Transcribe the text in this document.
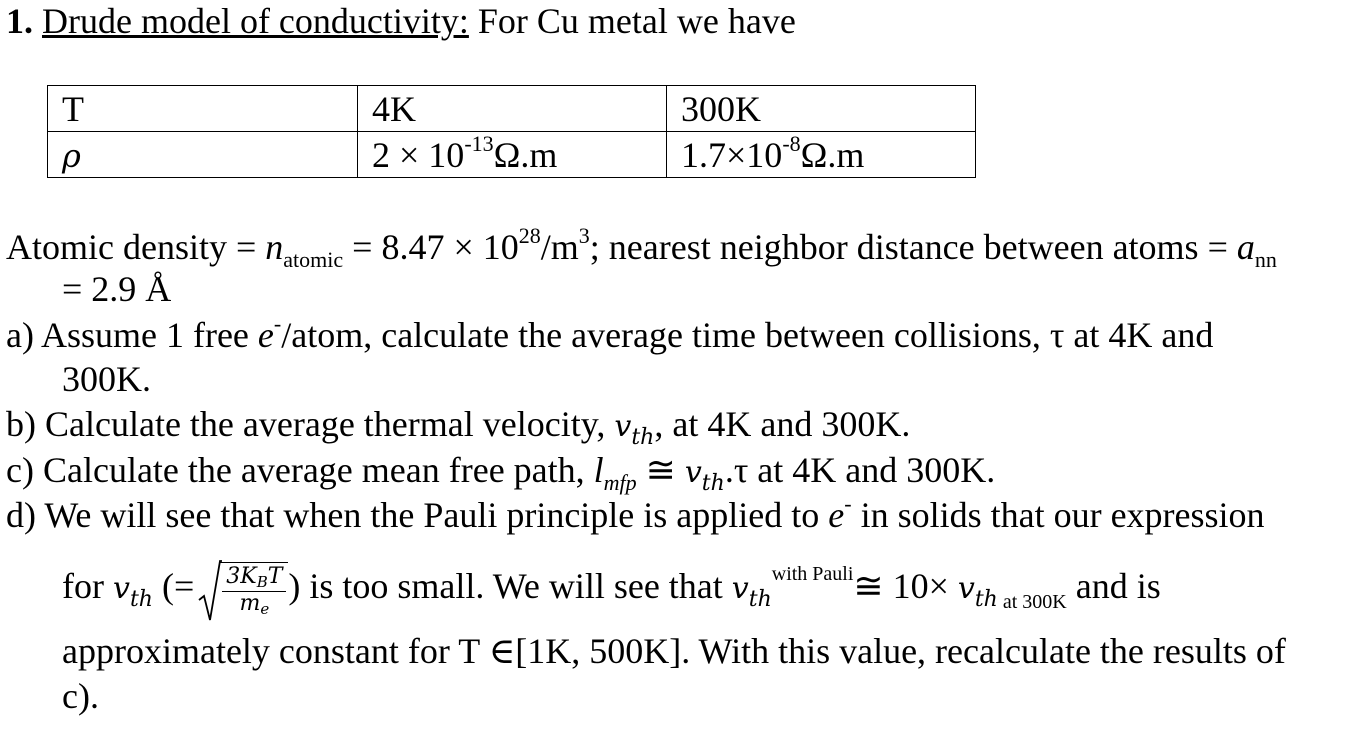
1. Drude model of conductivity: For Cu metal we have
T	4K	300K
ρ	$2 \times 10^{-13}\Omega.m$	$1.7\times 10^{-8}\Omega.m$
Atomic density = $n_{atomic} = 8.47 \times 10^{28}/m^3$; nearest neighbor distance between atoms = $a_{nn}$
= 2.9 Å
a) Assume 1 free e-/atom, calculate the average time between collisions, τ at 4K and
300K.
b) Calculate the average thermal velocity, $v_{th}$, at 4K and 300K.
c) Calculate the average mean free path, $l_{mfp}$ ≅ $v_{th}.\tau$ at 4K and 300K.
d) We will see that when the Pauli principle is applied to e- in solids that our expression
for $v_{th}$ (= $\frac{\text{3KBT}}{me}$ ) is too small. We will see that $v_{th}^{with Pauli}≅$ $10\times v_{th}$ $_{at 300K}$ and is
approximately constant for T ∈[1K, 500K]. With this value, recalculate the results of
c).
